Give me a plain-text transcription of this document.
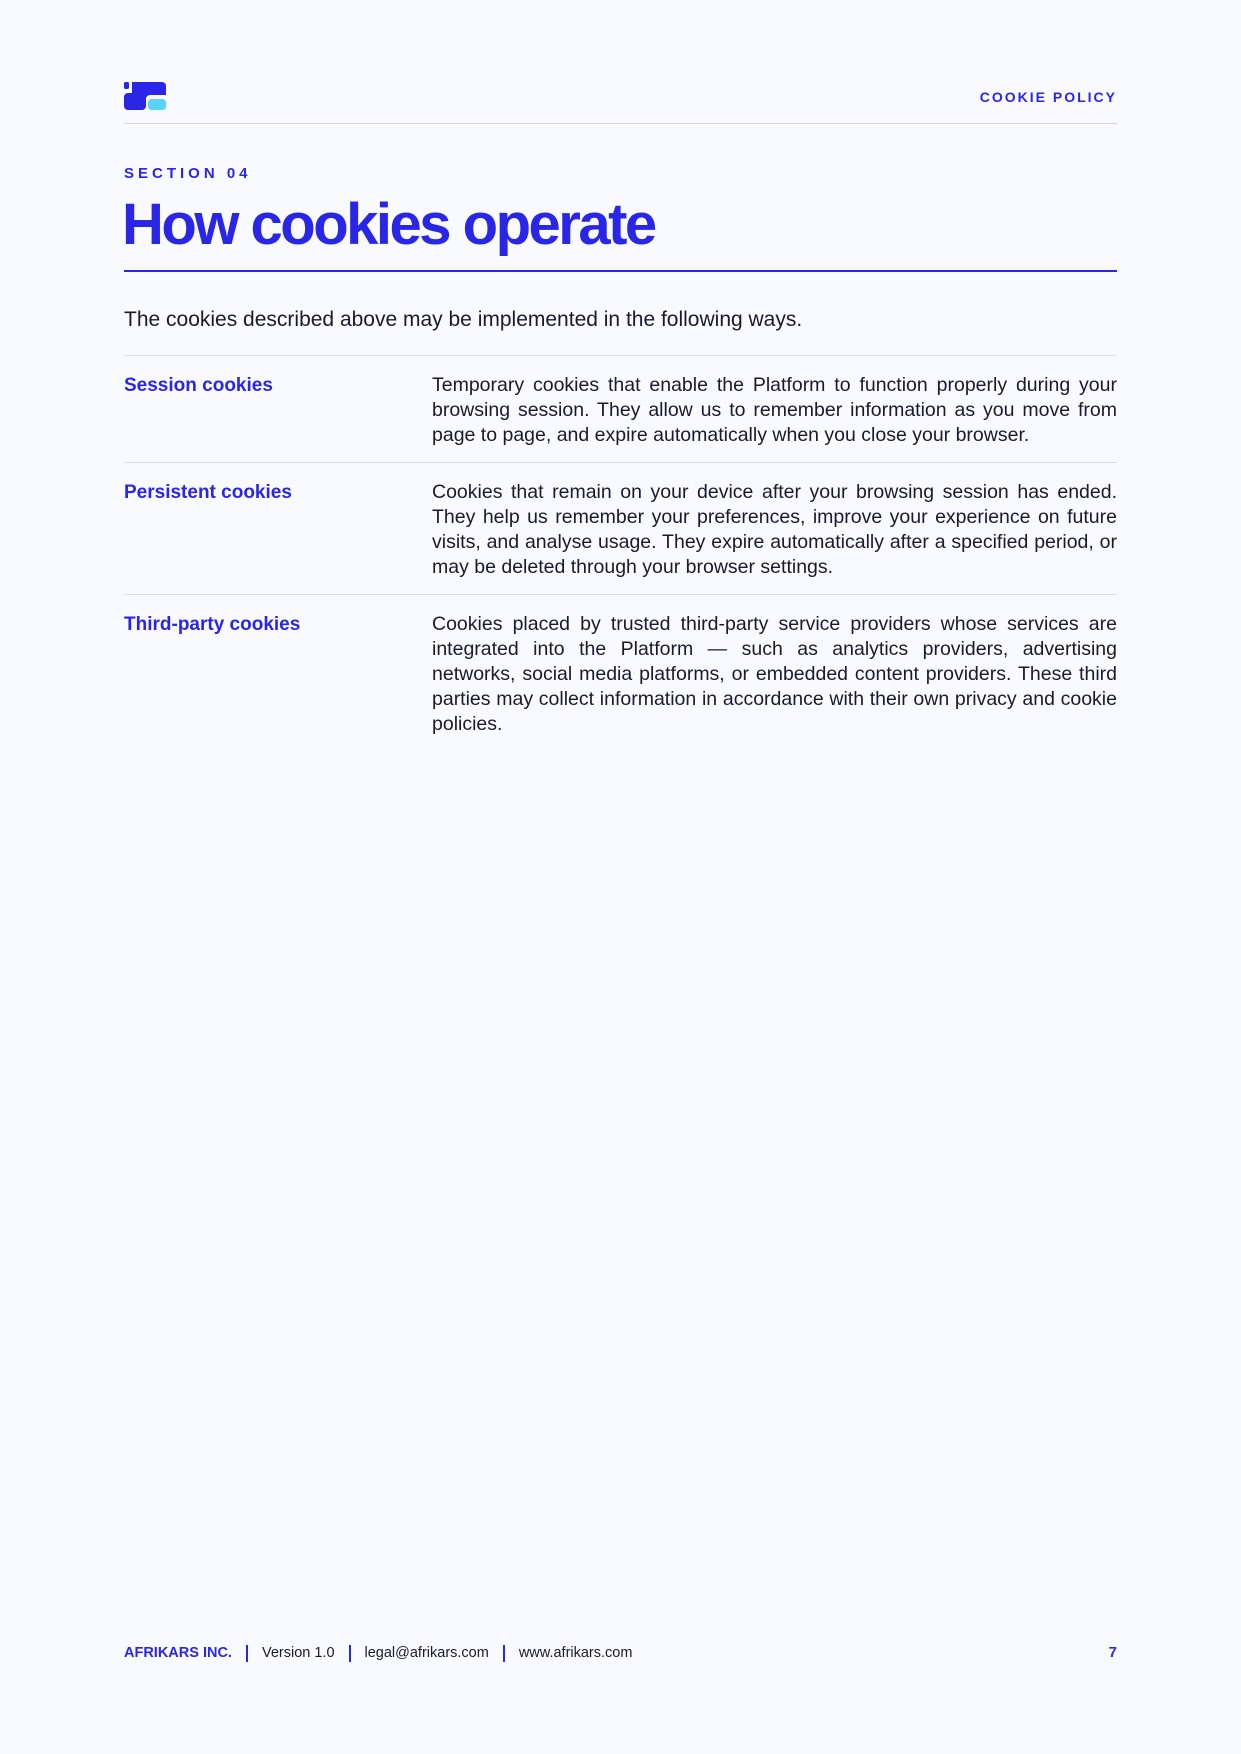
COOKIE POLICY
SECTION 04
How cookies operate

The cookies described above may be implemented in the following ways.

Session cookies	Temporary cookies that enable the Platform to function properly during your browsing session. They allow us to remember information as you move from page to page, and expire automatically when you close your browser.
Persistent cookies	Cookies that remain on your device after your browsing session has ended. They help us remember your preferences, improve your experience on future visits, and analyse usage. They expire automatically after a specified period, or may be deleted through your browser settings.
Third-party cookies	Cookies placed by trusted third-party service providers whose services are integrated into the Platform — such as analytics providers, advertising networks, social media platforms, or embedded content providers. These third parties may collect information in accordance with their own privacy and cookie policies.
AFRIKARS INC. Version 1.0 legal@afrikars.com www.afrikars.com	7
